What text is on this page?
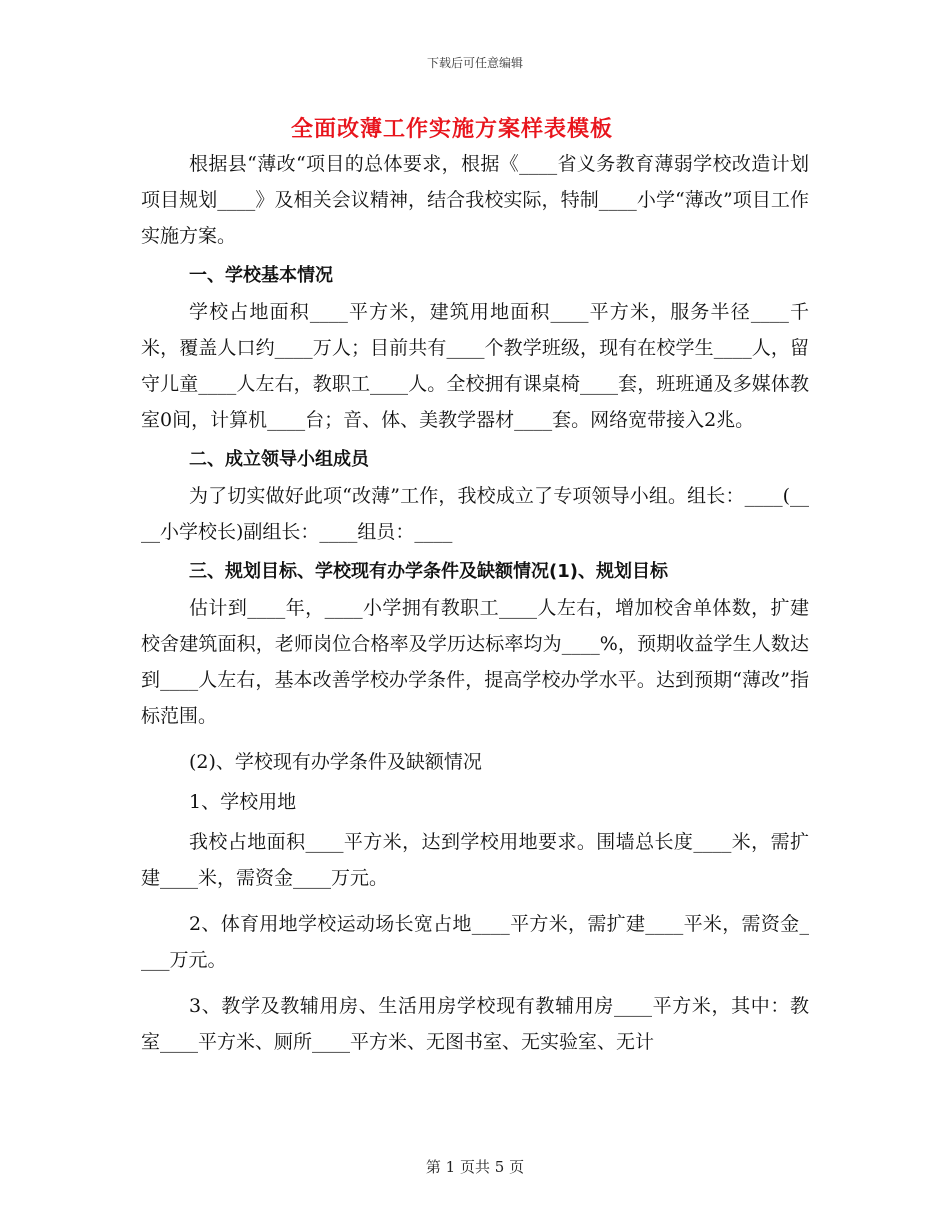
下载后可任意编辑
全面改薄工作实施方案样表模板

根据县“薄改“项目的总体要求，根据《____省义务教育薄弱学校改造计划项目规划____》及相关会议精神，结合我校实际，特制____小学“薄改”项目工作实施方案。

一、学校基本情况

学校占地面积____平方米，建筑用地面积____平方米，服务半径____千米，覆盖人口约____万人；目前共有____个教学班级，现有在校学生____人，留守儿童____人左右，教职工____人。全校拥有课桌椅____套，班班通及多媒体教室0间，计算机____台；音、体、美教学器材____套。网络宽带接入2兆。

二、成立领导小组成员

为了切实做好此项“改薄”工作，我校成立了专项领导小组。组长：____(____小学校长)副组长：____组员：____

三、规划目标、学校现有办学条件及缺额情况(1)、规划目标

估计到____年，____小学拥有教职工____人左右，增加校舍单体数，扩建校舍建筑面积，老师岗位合格率及学历达标率均为____%，预期收益学生人数达到____人左右，基本改善学校办学条件，提高学校办学水平。达到预期“薄改”指标范围。

(2)、学校现有办学条件及缺额情况

1、学校用地

我校占地面积____平方米，达到学校用地要求。围墙总长度____米，需扩建____米，需资金____万元。

2、体育用地学校运动场长宽占地____平方米，需扩建____平米，需资金____万元。

3、教学及教辅用房、生活用房学校现有教辅用房____平方米，其中：教室____平方米、厕所____平方米、无图书室、无实验室、无计

第 1 页共 5 页
